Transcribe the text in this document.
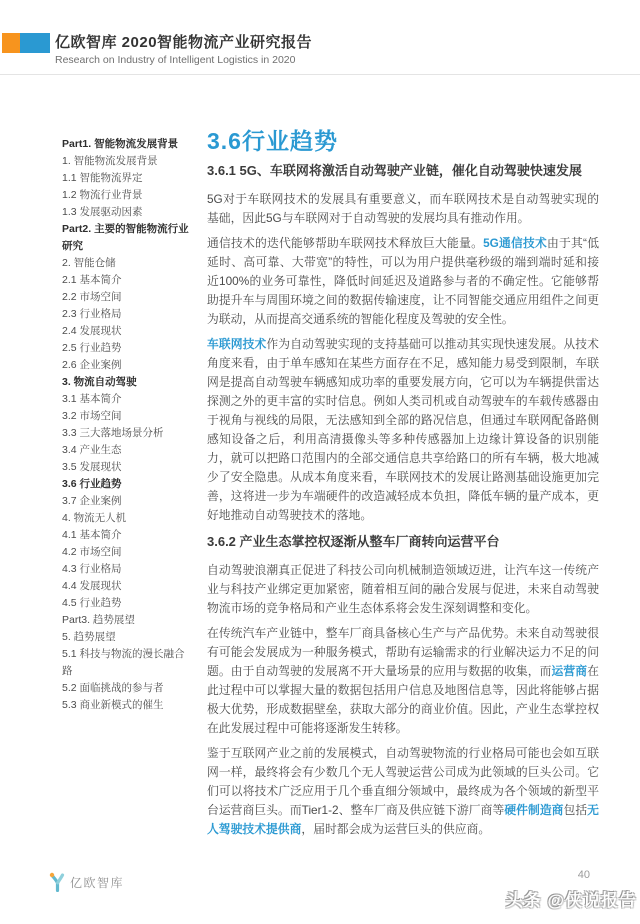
亿欧智库 2020智能物流产业研究报告
Research on Industry of Intelligent Logistics in 2020
Part1. 智能物流发展背景
1. 智能物流发展背景
1.1 智能物流界定
1.2 物流行业背景
1.3 发展驱动因素
Part2. 主要的智能物流行业研究
2. 智能仓储
2.1 基本简介
2.2 市场空间
2.3 行业格局
2.4 发展现状
2.5 行业趋势
2.6 企业案例
3. 物流自动驾驶
3.1 基本简介
3.2 市场空间
3.3 三大落地场景分析
3.4 产业生态
3.5 发展现状
3.6 行业趋势
3.7 企业案例
4. 物流无人机
4.1 基本简介
4.2 市场空间
4.3 行业格局
4.4 发展现状
4.5 行业趋势
Part3. 趋势展望
5. 趋势展望
5.1 科技与物流的漫长融合路
5.2 面临挑战的参与者
5.3 商业新模式的催生
3.6行业趋势
3.6.1 5G、车联网将激活自动驾驶产业链，催化自动驾驶快速发展

5G对于车联网技术的发展具有重要意义，而车联网技术是自动驾驶实现的基础，因此5G与车联网对于自动驾驶的发展均具有推动作用。

通信技术的迭代能够帮助车联网技术释放巨大能量。5G通信技术由于其“低延时、高可靠、大带宽”的特性，可以为用户提供毫秒级的端到端时延和接近100%的业务可靠性，降低时间延迟及道路参与者的不确定性。它能够帮助提升车与周围环境之间的数据传输速度，让不同智能交通应用组件之间更为联动，从而提高交通系统的智能化程度及驾驶的安全性。

车联网技术作为自动驾驶实现的支持基础可以推动其实现快速发展。从技术角度来看，由于单车感知在某些方面存在不足，感知能力易受到限制，车联网是提高自动驾驶车辆感知成功率的重要发展方向，它可以为车辆提供雷达探测之外的更丰富的实时信息。例如人类司机或自动驾驶车的车载传感器由于视角与视线的局限，无法感知到全部的路况信息，但通过车联网配备路侧感知设备之后，利用高清摄像头等多种传感器加上边缘计算设备的识别能力，就可以把路口范围内的全部交通信息共享给路口的所有车辆，极大地减少了安全隐患。从成本角度来看，车联网技术的发展让路测基础设施更加完善，这将进一步为车端硬件的改造减轻成本负担，降低车辆的量产成本，更好地推动自动驾驶技术的落地。

3.6.2 产业生态掌控权逐渐从整车厂商转向运营平台

自动驾驶浪潮真正促进了科技公司向机械制造领域迈进，让汽车这一传统产业与科技产业绑定更加紧密，随着相互间的融合发展与促进，未来自动驾驶物流市场的竞争格局和产业生态体系将会发生深刻调整和变化。

在传统汽车产业链中，整车厂商具备核心生产与产品优势。未来自动驾驶很有可能会发展成为一种服务模式，帮助有运输需求的行业解决运力不足的问题。由于自动驾驶的发展离不开大量场景的应用与数据的收集，而运营商在此过程中可以掌握大量的数据包括用户信息及地图信息等，因此将能够占据极大优势，形成数据壁垒，获取大部分的商业价值。因此，产业生态掌控权在此发展过程中可能将逐渐发生转移。

鉴于互联网产业之前的发展模式，自动驾驶物流的行业格局可能也会如互联网一样，最终将会有少数几个无人驾驶运营公司成为此领域的巨头公司。它们可以将技术广泛应用于几个垂直细分领域中，最终成为各个领域的新型平台运营商巨头。而Tier1-2、整车厂商及供应链下游厂商等硬件制造商包括无人驾驶技术提供商，届时都会成为运营巨头的供应商。

亿欧智库
40
头条 @侠说报告
